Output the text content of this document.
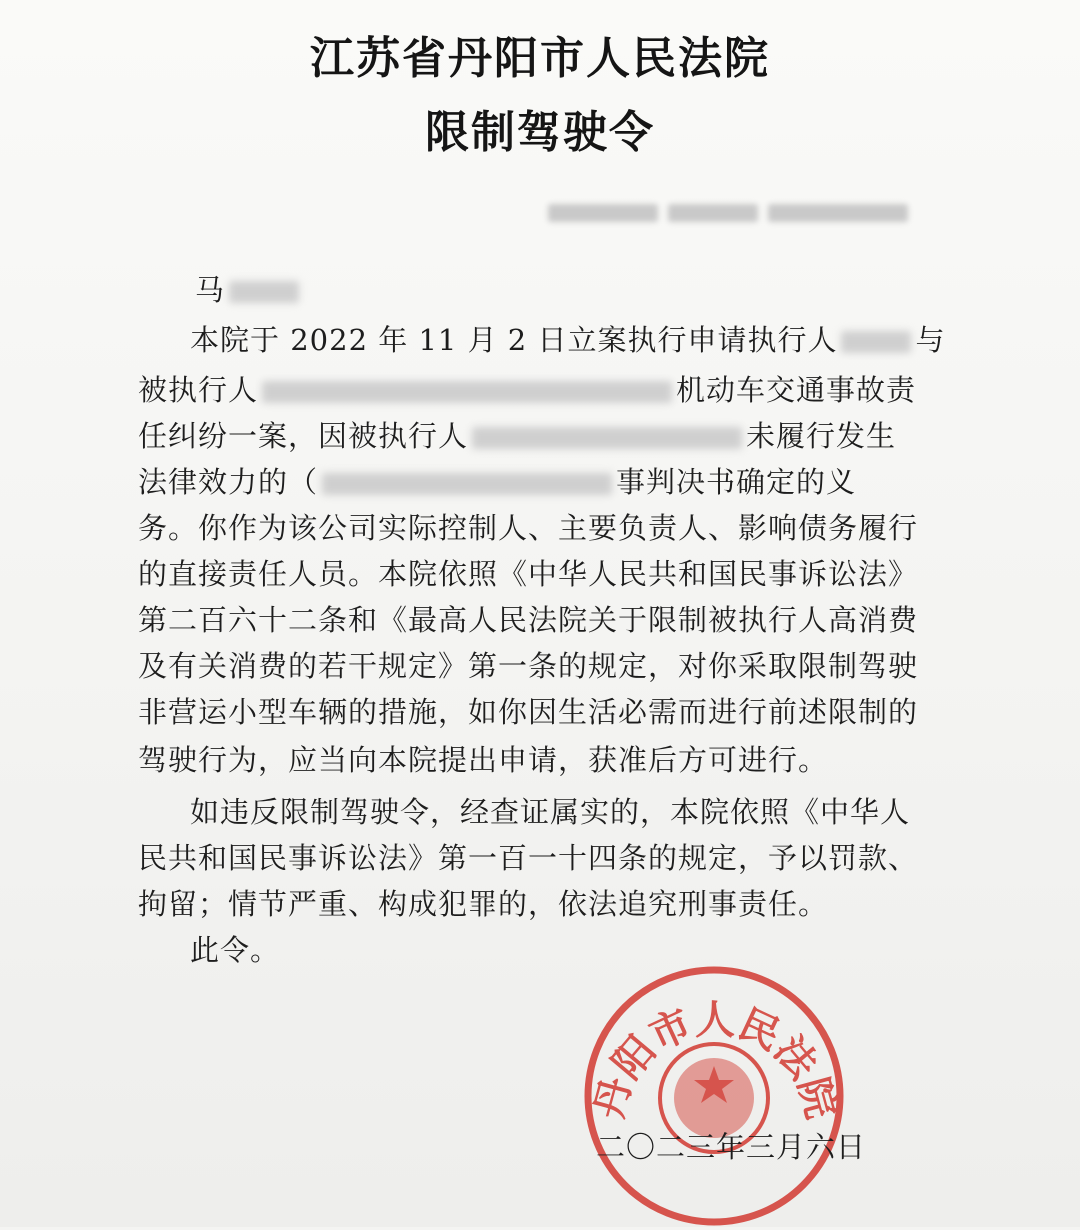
江苏省丹阳市人民法院
限制驾驶令
马
本院于 2022 年 11 月 2 日立案执行申请执行人	与
被执行人	机动车交通事故责
任纠纷一案，因被执行人	未履行发生
法律效力的（	事判决书确定的义
务。你作为该公司实际控制人、主要负责人、影响债务履行
的直接责任人员。本院依照《中华人民共和国民事诉讼法》
第二百六十二条和《最高人民法院关于限制被执行人高消费
及有关消费的若干规定》第一条的规定，对你采取限制驾驶
非营运小型车辆的措施，如你因生活必需而进行前述限制的
驾驶行为，应当向本院提出申请，获准后方可进行。
如违反限制驾驶令，经查证属实的，本院依照《中华人
民共和国民事诉讼法》第一百一十四条的规定，予以罚款、
拘留；情节严重、构成犯罪的，依法追究刑事责任。
此令。
丹阳市人民法院
二〇二三年三月六日
